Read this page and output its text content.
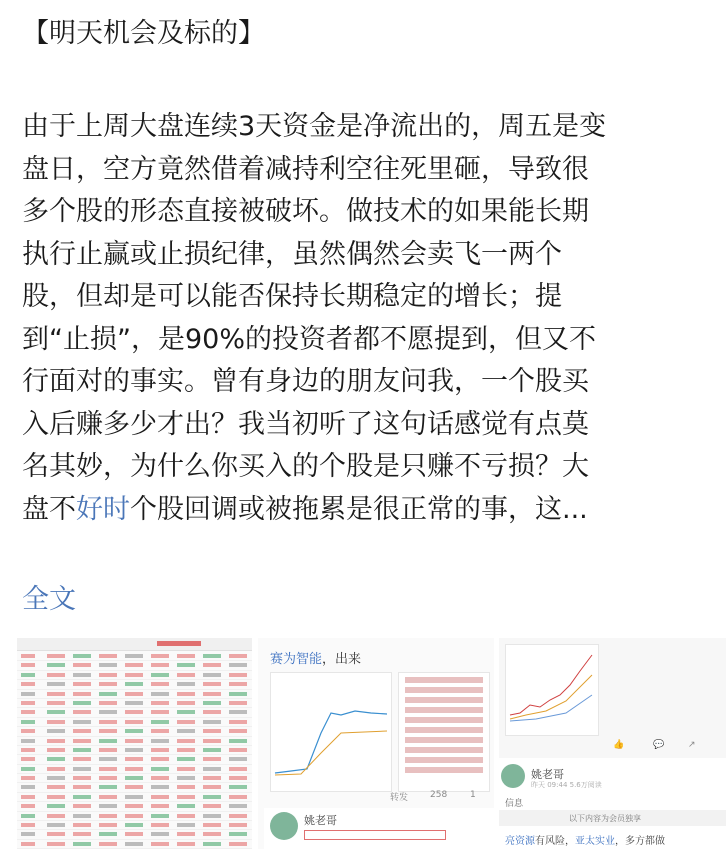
【明天机会及标的】
由于上周大盘连续3天资金是净流出的，周五是变
盘日，空方竟然借着减持利空往死里砸，导致很
多个股的形态直接被破坏。做技术的如果能长期
执行止赢或止损纪律，虽然偶然会卖飞一两个
股，但却是可以能否保持长期稳定的增长；提
到“止损”，是90%的投资者都不愿提到，但又不
行面对的事实。曾有身边的朋友问我，一个股买
入后赚多少才出？我当初听了这句话感觉有点莫
名其妙，为什么你买入的个股是只赚不亏损？大
盘不好时个股回调或被拖累是很正常的事，这...
全文
赛为智能，出来
转发 258	1
姚老哥
👍	💬	↗
姚老哥
昨天 09:44 5.6万阅读
信息
以下内容为会员独享
亮资源有风险，亚太实业，多方都做
